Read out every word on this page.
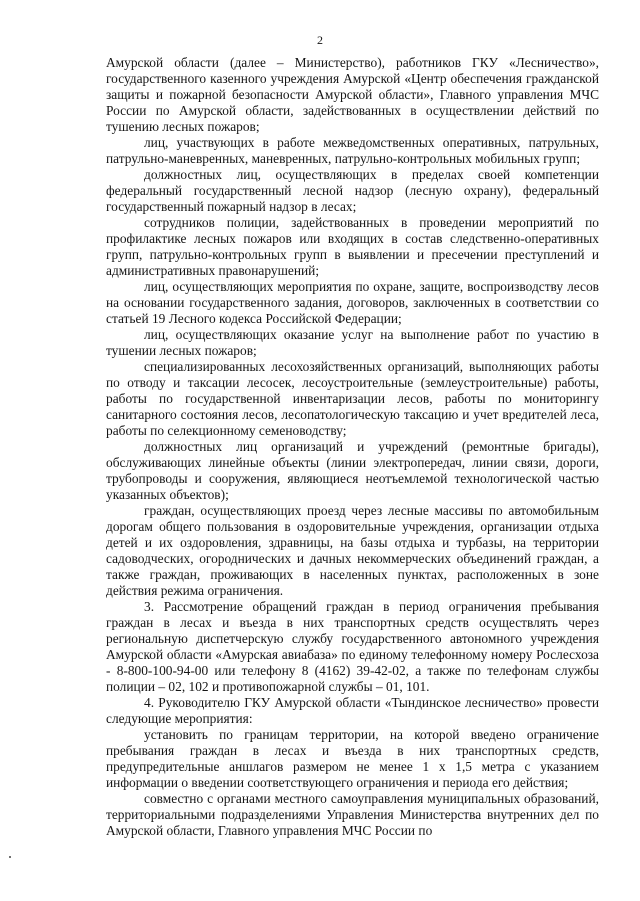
2

Амурской области (далее – Министерство), работников ГКУ «Лесничество», государственного казенного учреждения Амурской «Центр обеспечения гражданской защиты и пожарной безопасности Амурской области», Главного управления МЧС России по Амурской области, задействованных в осуществлении действий по тушению лесных пожаров;

лиц, участвующих в работе межведомственных оперативных, патрульных, патрульно-маневренных, маневренных, патрульно-контрольных мобильных групп;

должностных лиц, осуществляющих в пределах своей компетенции федеральный государственный лесной надзор (лесную охрану), федеральный государственный пожарный надзор в лесах;

сотрудников полиции, задействованных в проведении мероприятий по профилактике лесных пожаров или входящих в состав следственно-оперативных групп, патрульно-контрольных групп в выявлении и пресечении преступлений и административных правонарушений;

лиц, осуществляющих мероприятия по охране, защите, воспроизводству лесов на основании государственного задания, договоров, заключенных в соответствии со статьей 19 Лесного кодекса Российской Федерации;

лиц, осуществляющих оказание услуг на выполнение работ по участию в тушении лесных пожаров;

специализированных лесохозяйственных организаций, выполняющих работы по отводу и таксации лесосек, лесоустроительные (землеустроительные) работы, работы по государственной инвентаризации лесов, работы по мониторингу санитарного состояния лесов, лесопатологическую таксацию и учет вредителей леса, работы по селекционному семеноводству;

должностных лиц организаций и учреждений (ремонтные бригады), обслуживающих линейные объекты (линии электропередач, линии связи, дороги, трубопроводы и сооружения, являющиеся неотъемлемой технологической частью указанных объектов);

граждан, осуществляющих проезд через лесные массивы по автомобильным дорогам общего пользования в оздоровительные учреждения, организации отдыха детей и их оздоровления, здравницы, на базы отдыха и турбазы, на территории садоводческих, огороднических и дачных некоммерческих объединений граждан, а также граждан, проживающих в населенных пунктах, расположенных в зоне действия режима ограничения.

3. Рассмотрение обращений граждан в период ограничения пребывания граждан в лесах и въезда в них транспортных средств осуществлять через региональную диспетчерскую службу государственного автономного учреждения Амурской области «Амурская авиабаза» по единому телефонному номеру Рослесхоза - 8-800-100-94-00 или телефону 8 (4162) 39-42-02, а также по телефонам службы полиции – 02, 102 и противопожарной службы – 01, 101.

4. Руководителю ГКУ Амурской области «Тындинское лесничество» провести следующие мероприятия:

установить по границам территории, на которой введено ограничение пребывания граждан в лесах и въезда в них транспортных средств, предупредительные аншлагов размером не менее 1 х 1,5 метра с указанием информации о введении соответствующего ограничения и периода его действия;

совместно с органами местного самоуправления муниципальных образований, территориальными подразделениями Управления Министерства внутренних дел по Амурской области, Главного управления МЧС России по
